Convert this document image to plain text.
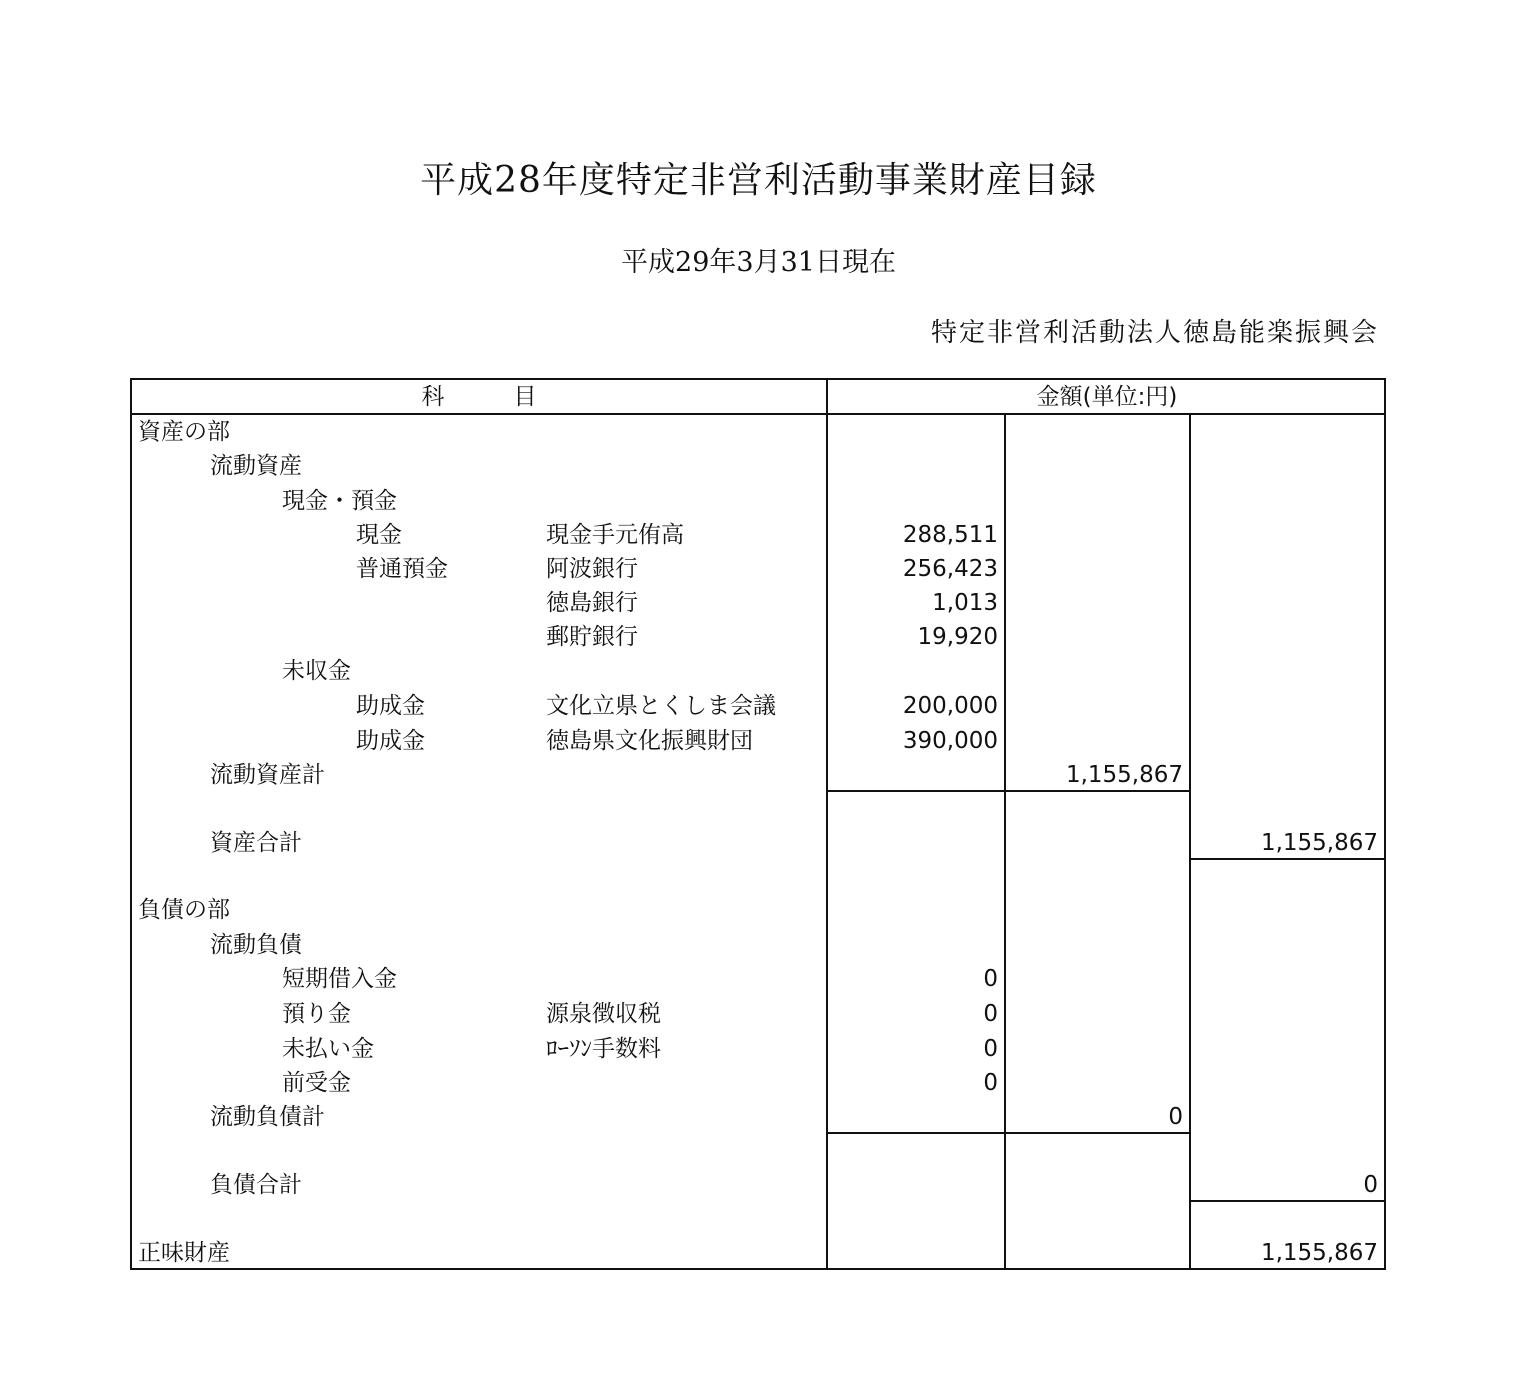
平成28年度特定非営利活動事業財産目録
平成29年3月31日現在
特定非営利活動法人徳島能楽振興会
科　　　目	金額(単位:円)
資産の部
流動資産
現金・預金
現金	現金手元侑高	288,511
普通預金	阿波銀行	256,423
徳島銀行	1,013
郵貯銀行	19,920
未収金
助成金	文化立県とくしま会議	200,000
助成金	徳島県文化振興財団	390,000
流動資産計	1,155,867
資産合計	1,155,867
負債の部
流動負債
短期借入金	0
預り金	源泉徴収税	0
未払い金	ﾛｰｿﾝ手数料	0
前受金	0
流動負債計	0
負債合計	0
正味財産	1,155,867
